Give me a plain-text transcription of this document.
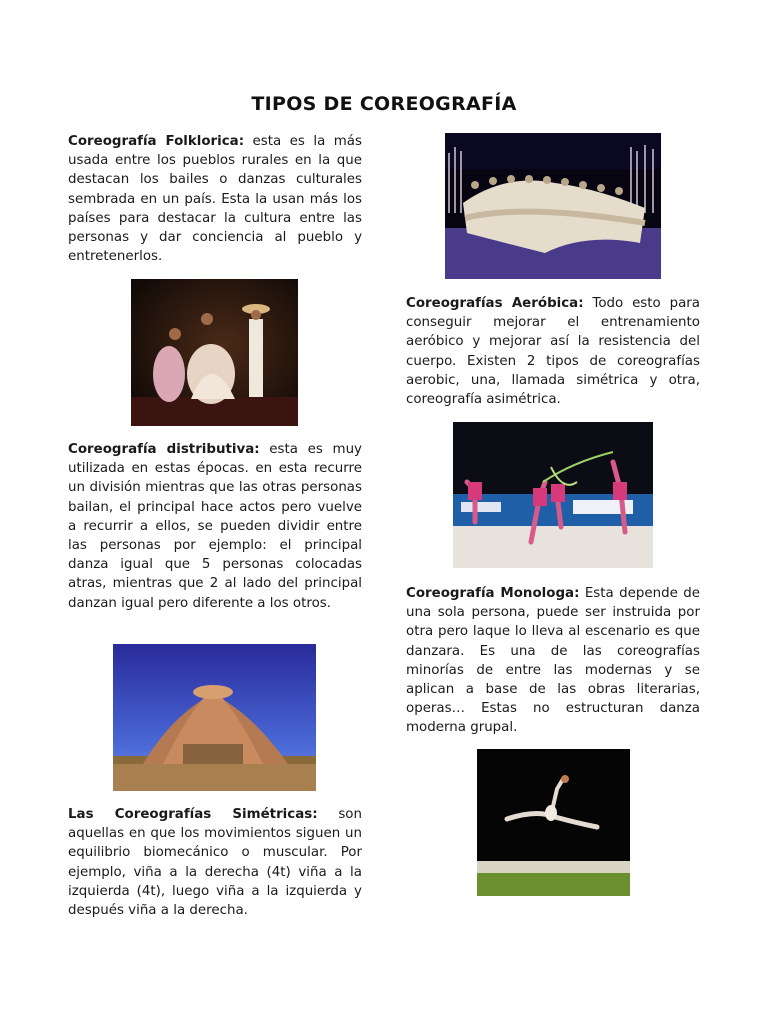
TIPOS DE COREOGRAFÍA

Coreografía Folklorica: esta es la más usada entre los pueblos rurales en la que destacan los bailes o danzas culturales sembrada en un país. Esta la usan más los países para destacar la cultura entre las personas y dar conciencia al pueblo y entretenerlos.

Coreografía distributiva: esta es muy utilizada en estas épocas. en esta recurre un división mientras que las otras personas bailan, el principal hace actos pero vuelve a recurrir a ellos, se pueden dividir entre las personas por ejemplo: el principal danza igual que 5 personas colocadas atras, mientras que 2 al lado del principal danzan igual pero diferente a los otros.

Las Coreografías Simétricas: son aquellas en que los movimientos siguen un equilibrio biomecánico o muscular. Por ejemplo, viña a la derecha (4t) viña a la izquierda (4t), luego viña a la izquierda y después viña a la derecha.

Coreografías Aeróbica: Todo esto para conseguir mejorar el entrenamiento aeróbico y mejorar así la resistencia del cuerpo. Existen 2 tipos de coreografías aerobic, una, llamada simétrica y otra, coreografía asimétrica.

Coreografía Monologa: Esta depende de una sola persona, puede ser instruida por otra pero laque lo lleva al escenario es que danzara. Es una de las coreografías minorías de entre las modernas y se aplican a base de las obras literarias, operas… Estas no estructuran danza moderna grupal.
